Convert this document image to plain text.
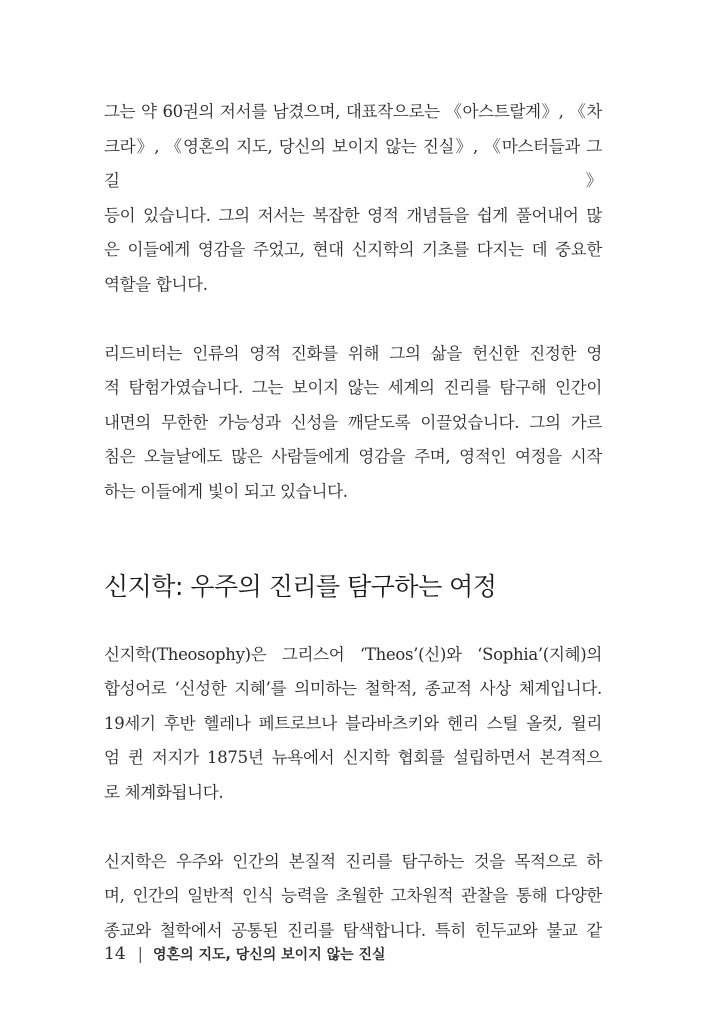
그는 약 60권의 저서를 남겼으며, 대표작으로는 《아스트랄계》, 《차
크라》, 《영혼의 지도, 당신의 보이지 않는 진실》, 《마스터들과 그 길》
등이 있습니다. 그의 저서는 복잡한 영적 개념들을 쉽게 풀어내어 많
은 이들에게 영감을 주었고, 현대 신지학의 기초를 다지는 데 중요한
역할을 합니다.

리드비터는 인류의 영적 진화를 위해 그의 삶을 헌신한 진정한 영
적 탐험가였습니다. 그는 보이지 않는 세계의 진리를 탐구해 인간이
내면의 무한한 가능성과 신성을 깨닫도록 이끌었습니다. 그의 가르
침은 오늘날에도 많은 사람들에게 영감을 주며, 영적인 여정을 시작
하는 이들에게 빛이 되고 있습니다.

신지학: 우주의 진리를 탐구하는 여정

신지학(Theosophy)은 그리스어 ‘Theos’(신)와 ‘Sophia’(지혜)의
합성어로 ‘신성한 지혜’를 의미하는 철학적, 종교적 사상 체계입니다.
19세기 후반 헬레나 페트로브나 블라바츠키와 헨리 스틸 올컷, 윌리
엄 퀸 저지가 1875년 뉴욕에서 신지학 협회를 설립하면서 본격적으
로 체계화됩니다.

신지학은 우주와 인간의 본질적 진리를 탐구하는 것을 목적으로 하
며, 인간의 일반적 인식 능력을 초월한 고차원적 관찰을 통해 다양한
종교와 철학에서 공통된 진리를 탐색합니다. 특히 힌두교와 불교 같

14 | 영혼의 지도, 당신의 보이지 않는 진실
